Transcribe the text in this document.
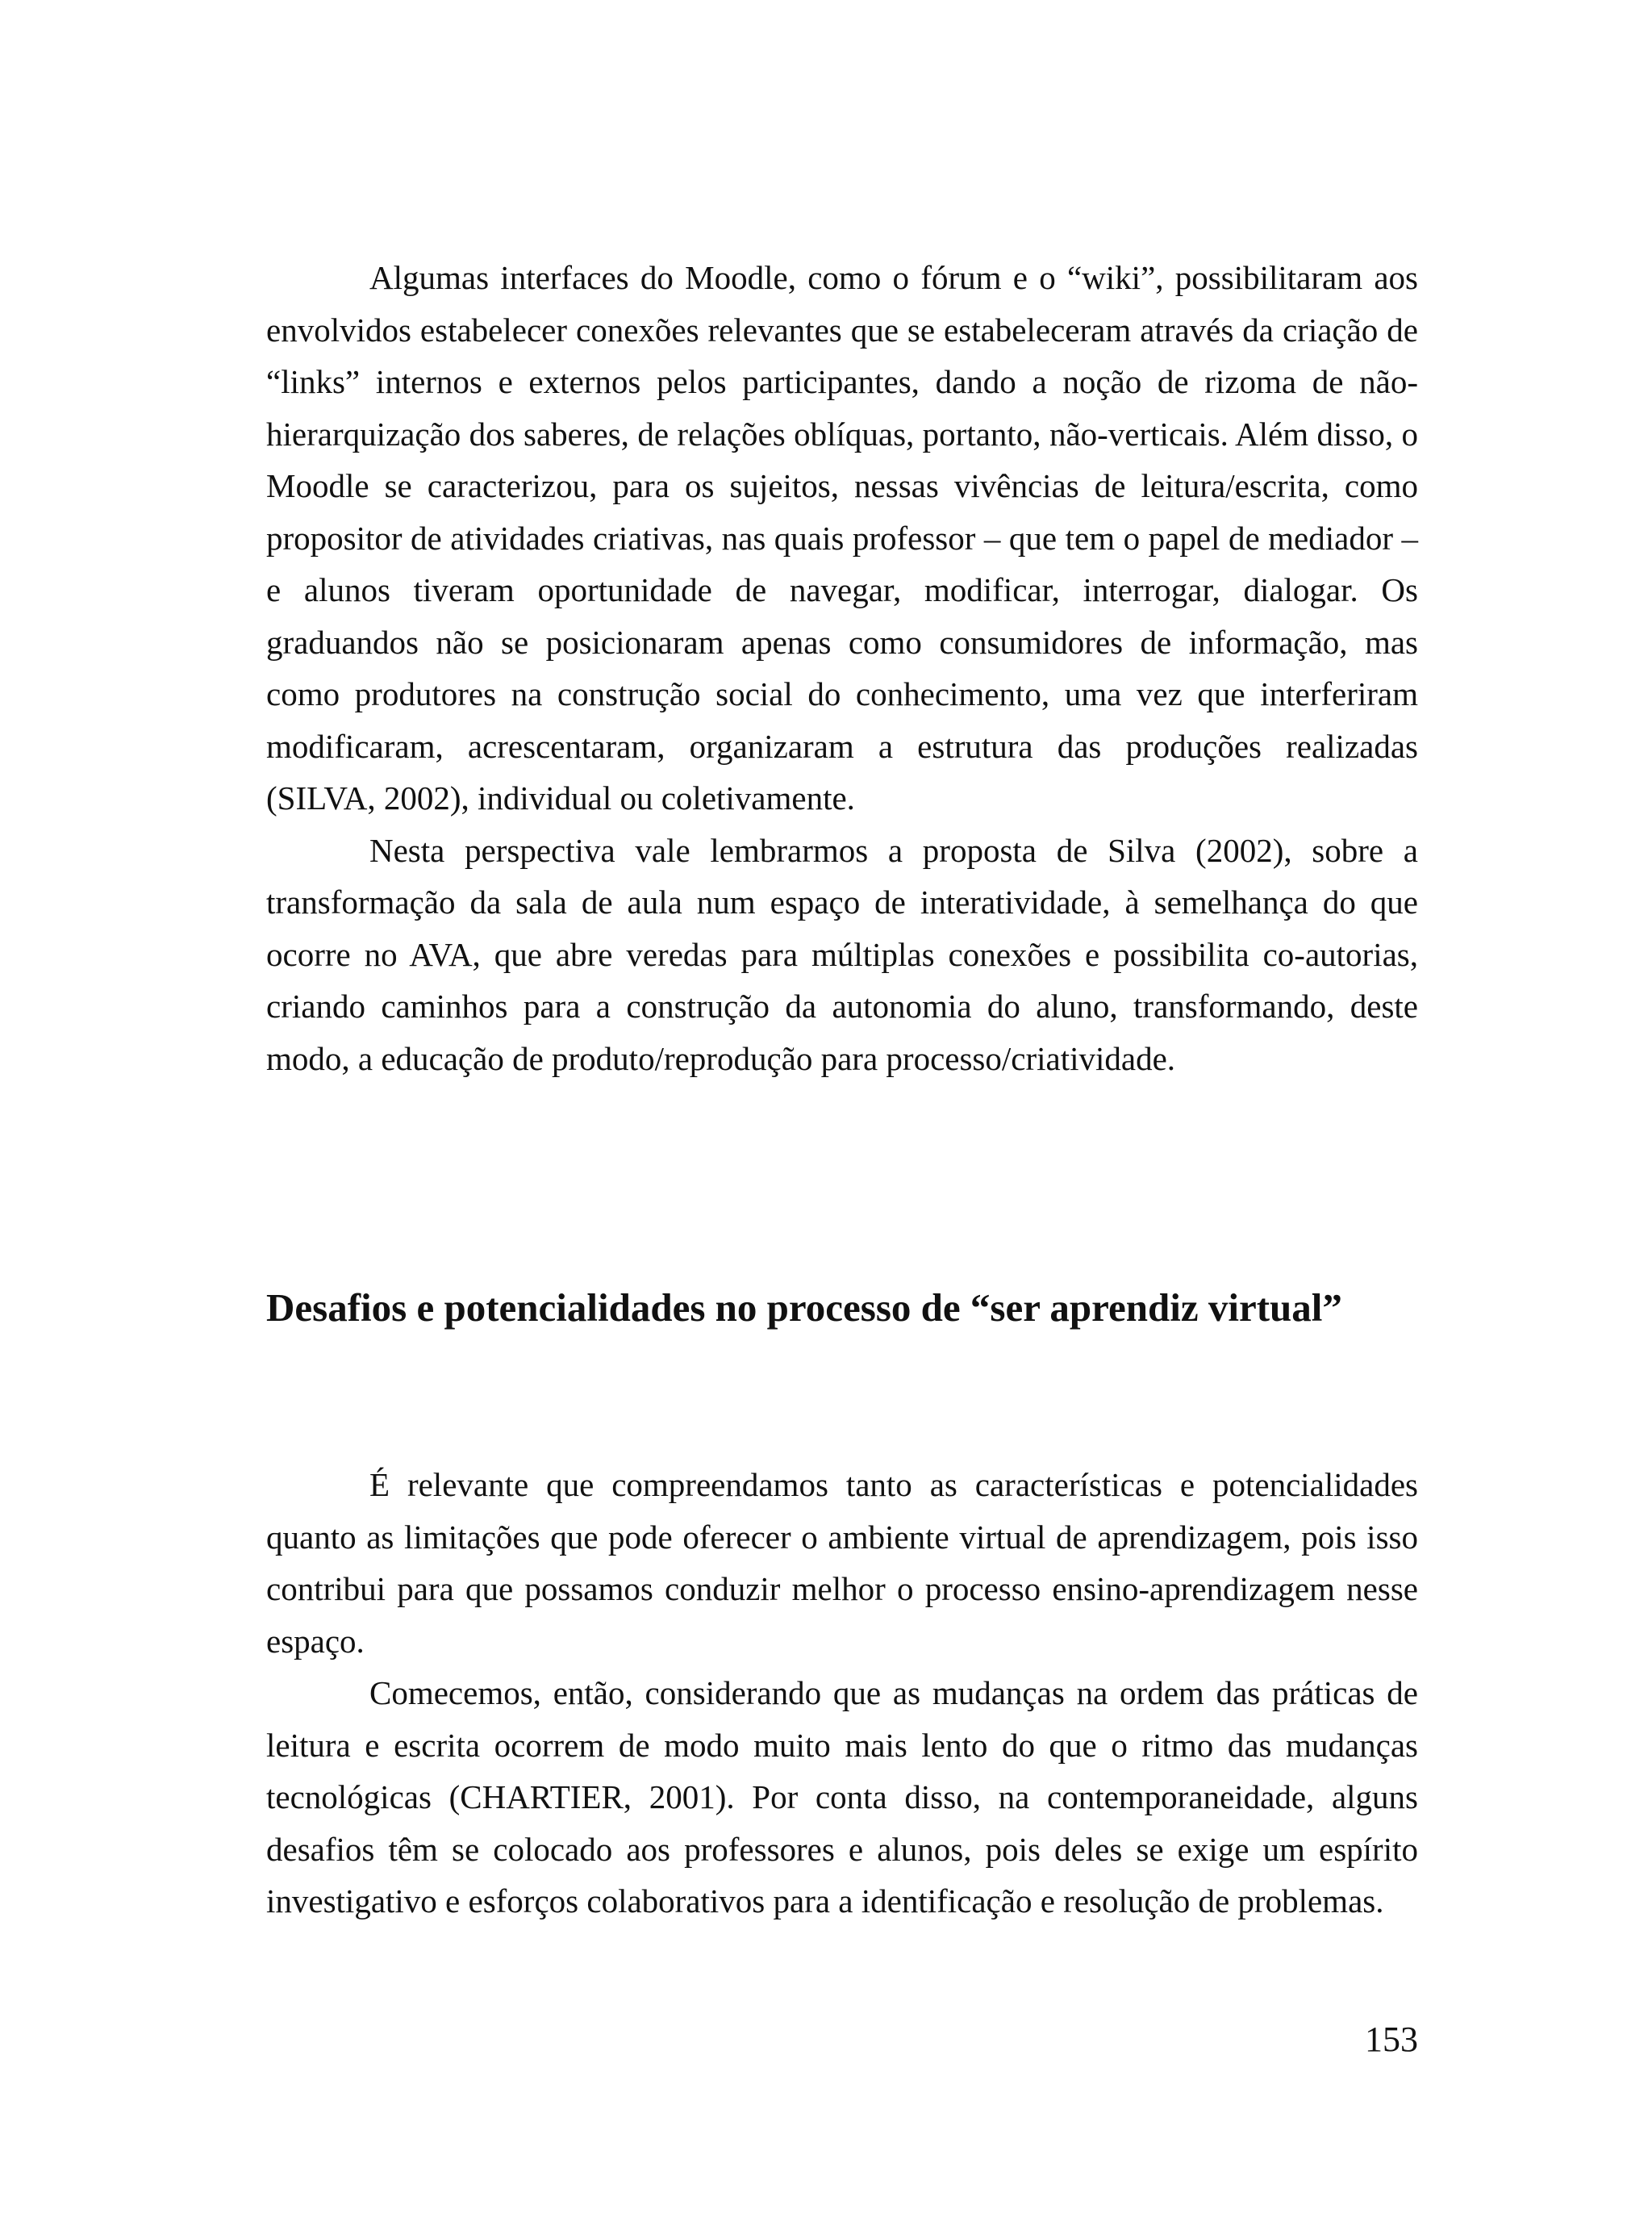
Algumas interfaces do Moodle, como o fórum e o “wiki”, possibilitaram aos envolvidos estabelecer conexões relevantes que se estabeleceram através da criação de “links” internos e externos pelos participantes, dando a noção de rizoma de não-hierarquização dos saberes, de relações oblíquas, portanto, não-verticais. Além disso, o Moodle se caracterizou, para os sujeitos, nessas vivências de leitura/escrita, como propositor de atividades criativas, nas quais professor – que tem o papel de mediador – e alunos tiveram oportunidade de navegar, modificar, interrogar, dialogar. Os graduandos não se posicionaram apenas como consumidores de informação, mas como produtores na construção social do conhecimento, uma vez que interferiram modificaram, acrescentaram, organizaram a estrutura das produções realizadas (SILVA, 2002), individual ou coletivamente.

Nesta perspectiva vale lembrarmos a proposta de Silva (2002), sobre a transformação da sala de aula num espaço de interatividade, à semelhança do que ocorre no AVA, que abre veredas para múltiplas conexões e possibilita co-autorias, criando caminhos para a construção da autonomia do aluno, transformando, deste modo, a educação de produto/reprodução para processo/criatividade.

Desafios e potencialidades no processo de “ser aprendiz virtual”

É relevante que compreendamos tanto as características e potencialidades quanto as limitações que pode oferecer o ambiente virtual de aprendizagem, pois isso contribui para que possamos conduzir melhor o processo ensino-aprendizagem nesse espaço.

Comecemos, então, considerando que as mudanças na ordem das práticas de leitura e escrita ocorrem de modo muito mais lento do que o ritmo das mudanças tecnológicas (CHARTIER, 2001). Por conta disso, na contemporaneidade, alguns desafios têm se colocado aos professores e alunos, pois deles se exige um espírito investigativo e esforços colaborativos para a identificação e resolução de problemas.

153
